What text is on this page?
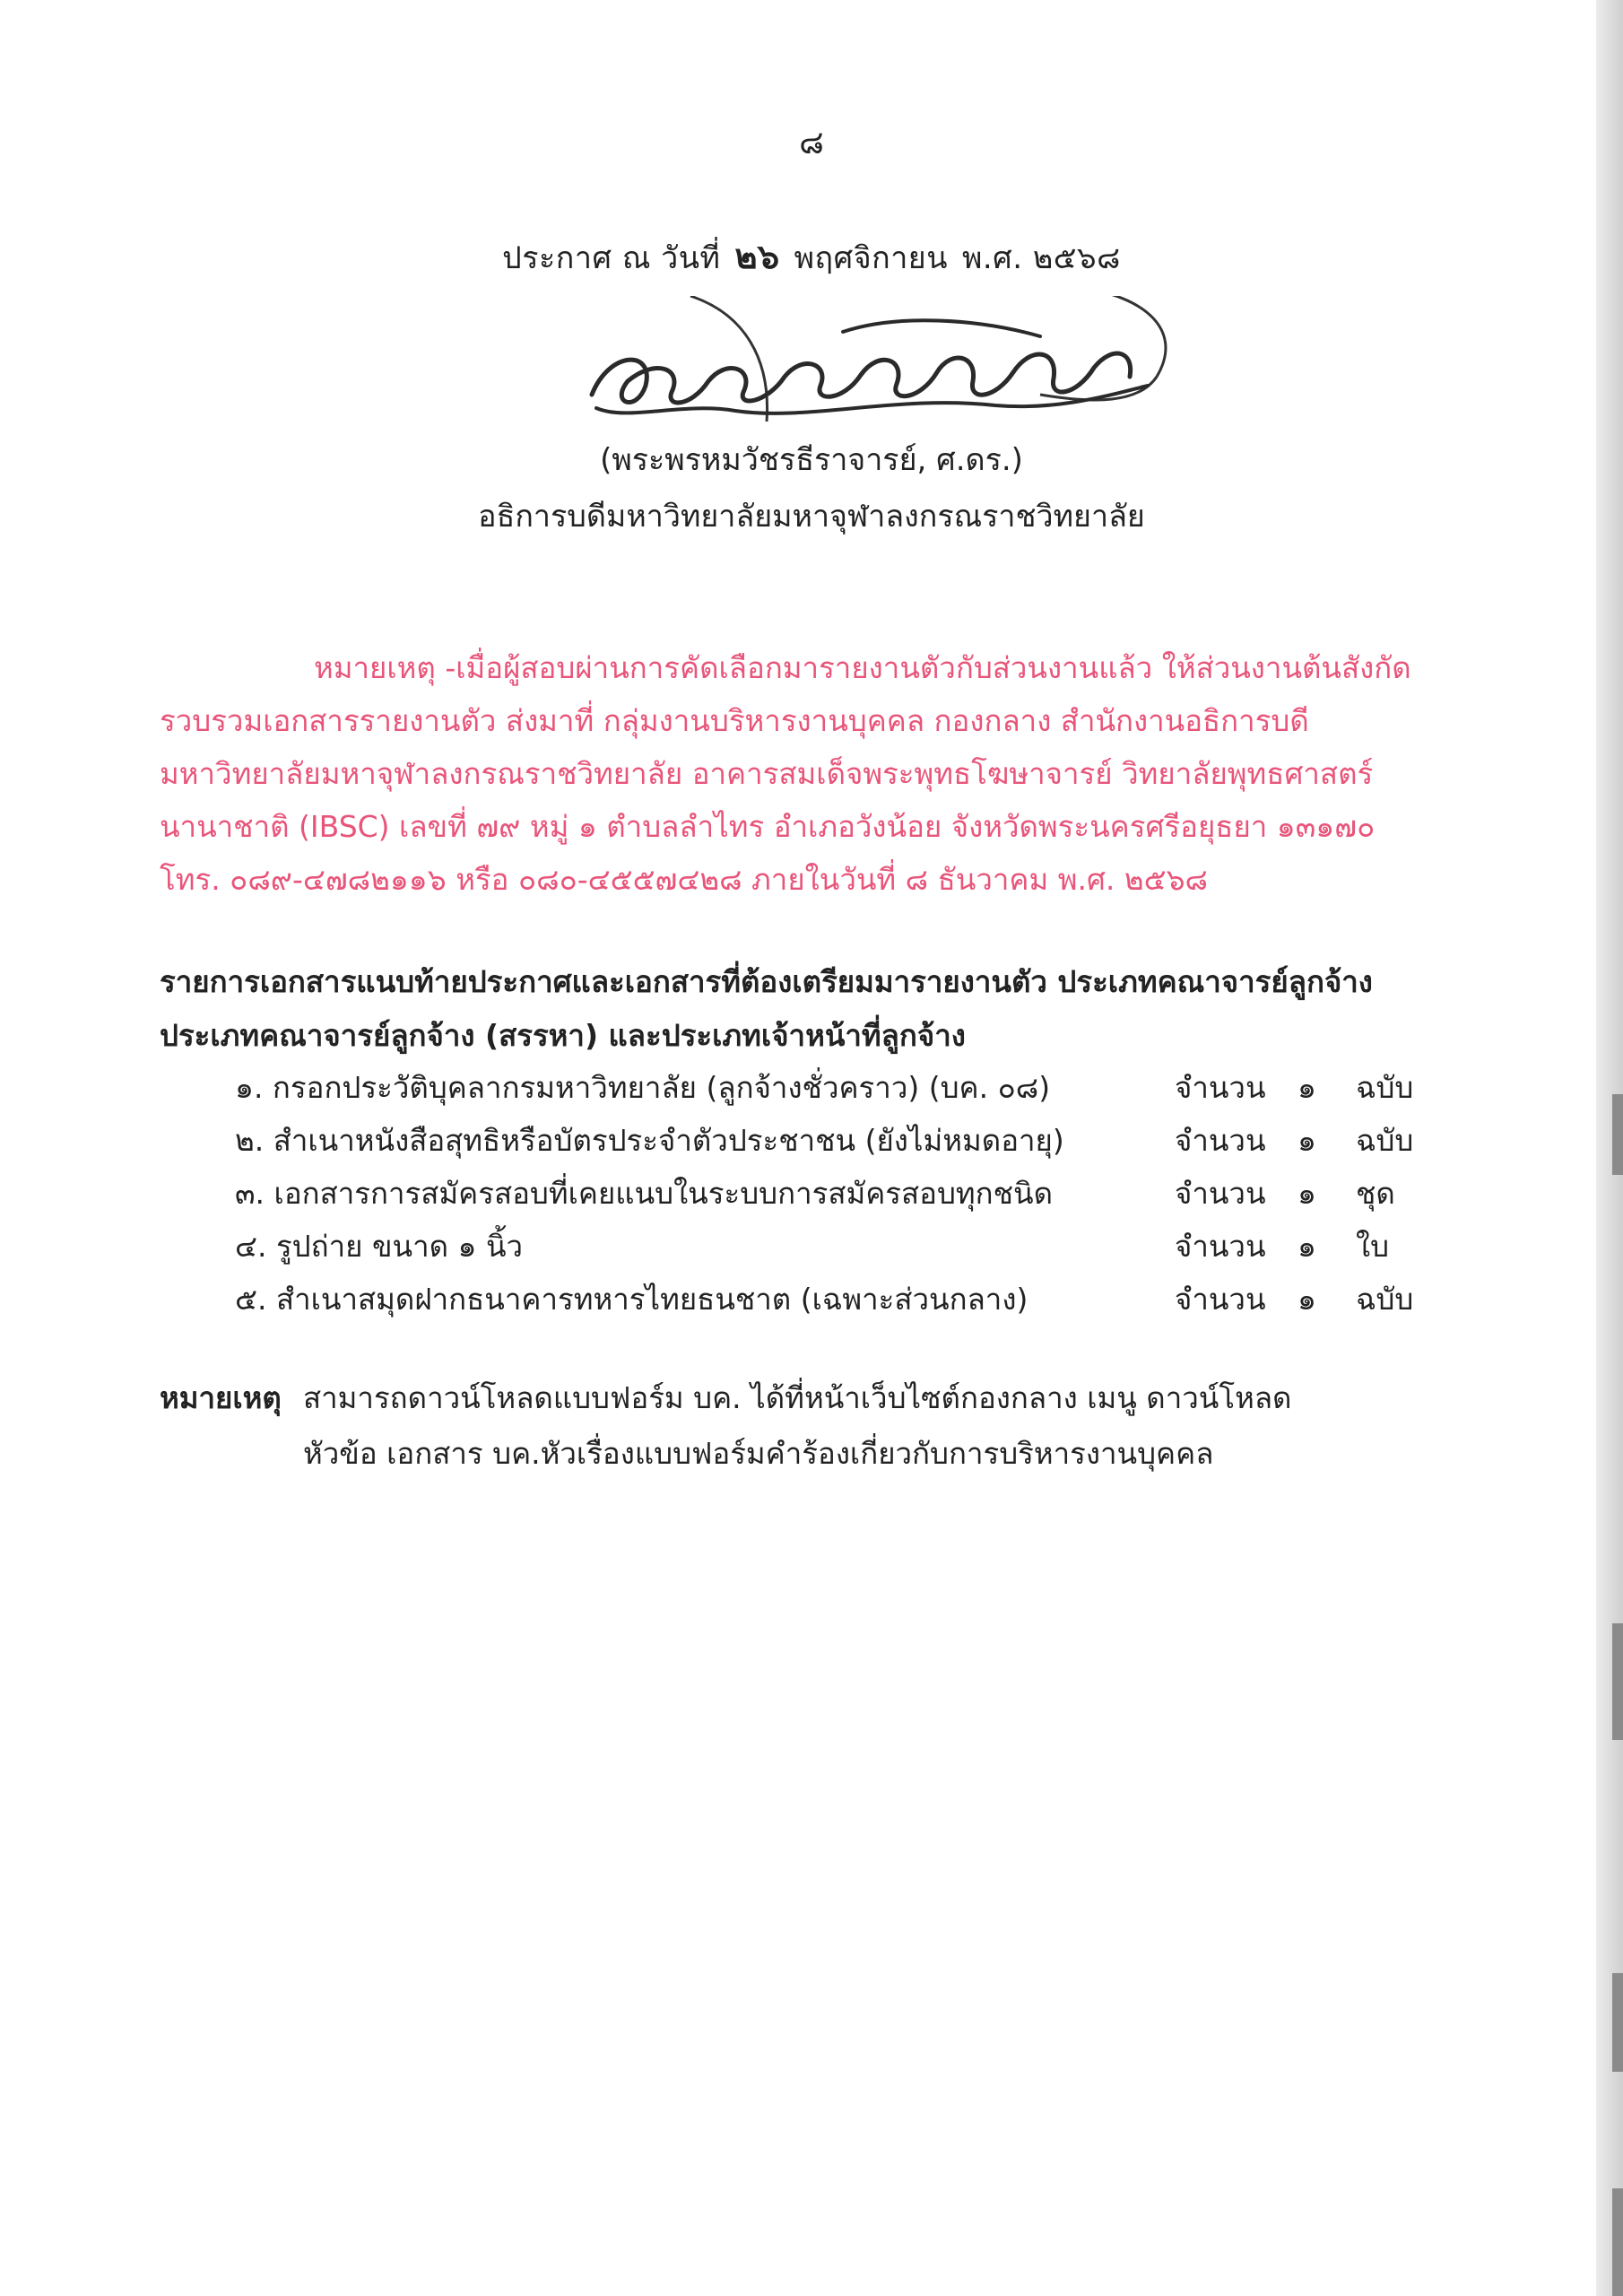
๘
ประกาศ ณ วันที่ ๒๖ พฤศจิกายน พ.ศ. ๒๕๖๘
(พระพรหมวัชรธีราจารย์, ศ.ดร.)
อธิการบดีมหาวิทยาลัยมหาจุฬาลงกรณราชวิทยาลัย

หมายเหตุ -เมื่อผู้สอบผ่านการคัดเลือกมารายงานตัวกับส่วนงานแล้ว ให้ส่วนงานต้นสังกัด

รวบรวมเอกสารรายงานตัว ส่งมาที่ กลุ่มงานบริหารงานบุคคล กองกลาง สำนักงานอธิการบดี

มหาวิทยาลัยมหาจุฬาลงกรณราชวิทยาลัย อาคารสมเด็จพระพุทธโฆษาจารย์ วิทยาลัยพุทธศาสตร์

นานาชาติ (IBSC) เลขที่ ๗๙ หมู่ ๑ ตำบลลำไทร อำเภอวังน้อย จังหวัดพระนครศรีอยุธยา ๑๓๑๗๐

โทร. ๐๘๙-๔๗๘๒๑๑๖ หรือ ๐๘๐-๔๕๕๗๔๒๘ ภายในวันที่ ๘ ธันวาคม พ.ศ. ๒๕๖๘

รายการเอกสารแนบท้ายประกาศและเอกสารที่ต้องเตรียมมารายงานตัว ประเภทคณาจารย์ลูกจ้าง

ประเภทคณาจารย์ลูกจ้าง (สรรหา) และประเภทเจ้าหน้าที่ลูกจ้าง

๑. กรอกประวัติบุคลากรมหาวิทยาลัย (ลูกจ้างชั่วคราว) (บค. ๐๘)	จำนวน ๑ ฉบับ
๒. สำเนาหนังสือสุทธิหรือบัตรประจำตัวประชาชน (ยังไม่หมดอายุ)	จำนวน ๑ ฉบับ
๓. เอกสารการสมัครสอบที่เคยแนบในระบบการสมัครสอบทุกชนิด	จำนวน ๑ ชุด
๔. รูปถ่าย ขนาด ๑ นิ้ว	จำนวน ๑ ใบ
๕. สำเนาสมุดฝากธนาคารทหารไทยธนชาต (เฉพาะส่วนกลาง)	จำนวน ๑ ฉบับ
หมายเหตุ สามารถดาวน์โหลดแบบฟอร์ม บค. ได้ที่หน้าเว็บไซต์กองกลาง เมนู ดาวน์โหลด
หัวข้อ เอกสาร บค.หัวเรื่องแบบฟอร์มคำร้องเกี่ยวกับการบริหารงานบุคคล
